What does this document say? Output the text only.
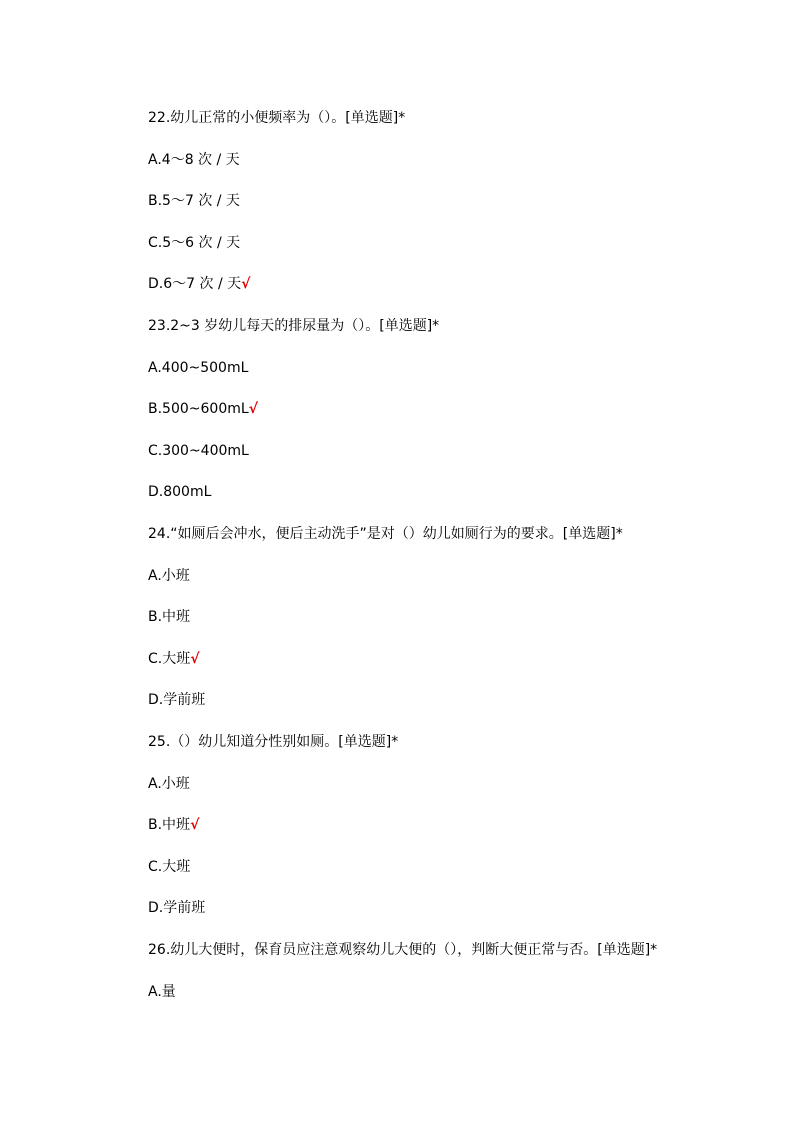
22.幼儿正常的小便频率为（）。[单选题]*
A.4～8 次 / 天
B.5～7 次 / 天
C.5～6 次 / 天
D.6～7 次 / 天√
23.2~3 岁幼儿每天的排尿量为（）。[单选题]*
A.400~500mL
B.500~600mL√
C.300~400mL
D.800mL
24.“如厕后会冲水，便后主动洗手”是对（）幼儿如厕行为的要求。[单选题]*
A.小班
B.中班
C.大班√
D.学前班
25.（）幼儿知道分性别如厕。[单选题]*
A.小班
B.中班√
C.大班
D.学前班
26.幼儿大便时，保育员应注意观察幼儿大便的（），判断大便正常与否。[单选题]*
A.量
